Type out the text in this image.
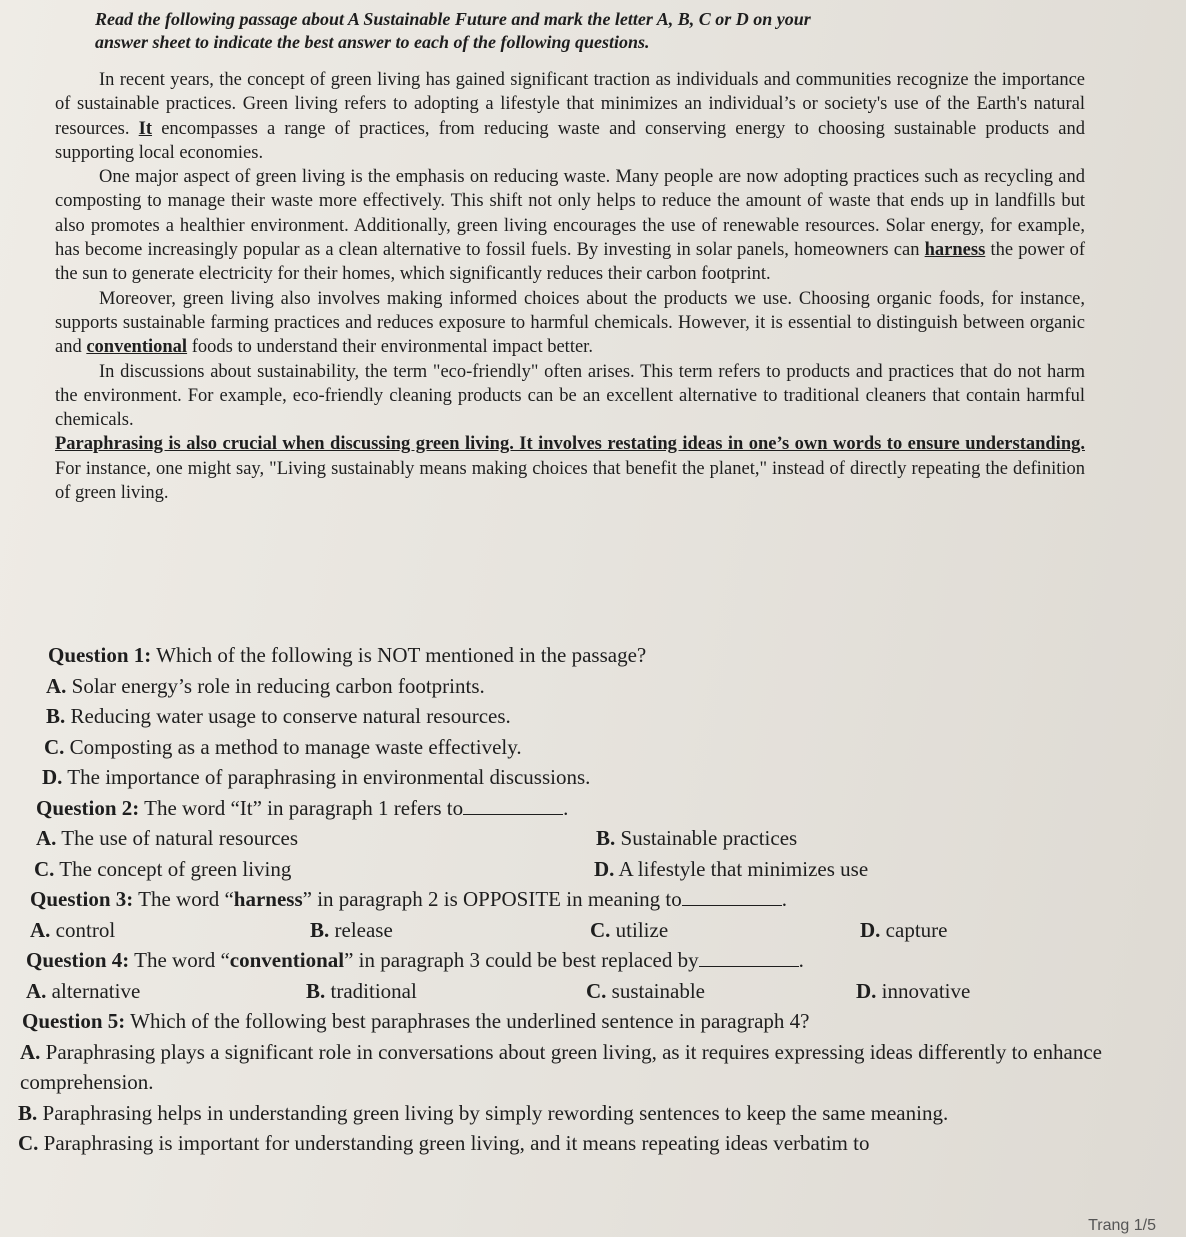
Read the following passage about A Sustainable Future and mark the letter A, B, C or D on your
answer sheet to indicate the best answer to each of the following questions.

In recent years, the concept of green living has gained significant traction as individuals and communities recognize the importance of sustainable practices. Green living refers to adopting a lifestyle that minimizes an individual’s or society's use of the Earth's natural resources. It encompasses a range of practices, from reducing waste and conserving energy to choosing sustainable products and supporting local economies.

One major aspect of green living is the emphasis on reducing waste. Many people are now adopting practices such as recycling and composting to manage their waste more effectively. This shift not only helps to reduce the amount of waste that ends up in landfills but also promotes a healthier environment. Additionally, green living encourages the use of renewable resources. Solar energy, for example, has become increasingly popular as a clean alternative to fossil fuels. By investing in solar panels, homeowners can harness the power of the sun to generate electricity for their homes, which significantly reduces their carbon footprint.

Moreover, green living also involves making informed choices about the products we use. Choosing organic foods, for instance, supports sustainable farming practices and reduces exposure to harmful chemicals. However, it is essential to distinguish between organic and conventional foods to understand their environmental impact better.

In discussions about sustainability, the term "eco-friendly" often arises. This term refers to products and practices that do not harm the environment. For example, eco-friendly cleaning products can be an excellent alternative to traditional cleaners that contain harmful chemicals.

Paraphrasing is also crucial when discussing green living. It involves restating ideas in one’s own words to ensure understanding. For instance, one might say, "Living sustainably means making choices that benefit the planet," instead of directly repeating the definition of green living.

Question 1: Which of the following is NOT mentioned in the passage?

A. Solar energy’s role in reducing carbon footprints.

B. Reducing water usage to conserve natural resources.

C. Composting as a method to manage waste effectively.

D. The importance of paraphrasing in environmental discussions.

Question 2: The word “It” in paragraph 1 refers to	.

A. The use of natural resources	B. Sustainable practices
C. The concept of green living	D. A lifestyle that minimizes use

Question 3: The word “harness” in paragraph 2 is OPPOSITE in meaning to	.

A. control	B. release	C. utilize	D. capture

Question 4: The word “conventional” in paragraph 3 could be best replaced by	.

A. alternative	B. traditional	C. sustainable	D. innovative

Question 5: Which of the following best paraphrases the underlined sentence in paragraph 4?

A. Paraphrasing plays a significant role in conversations about green living, as it requires expressing ideas differently to enhance comprehension.

B. Paraphrasing helps in understanding green living by simply rewording sentences to keep the same meaning.

C. Paraphrasing is important for understanding green living, and it means repeating ideas verbatim to

Trang 1/5
